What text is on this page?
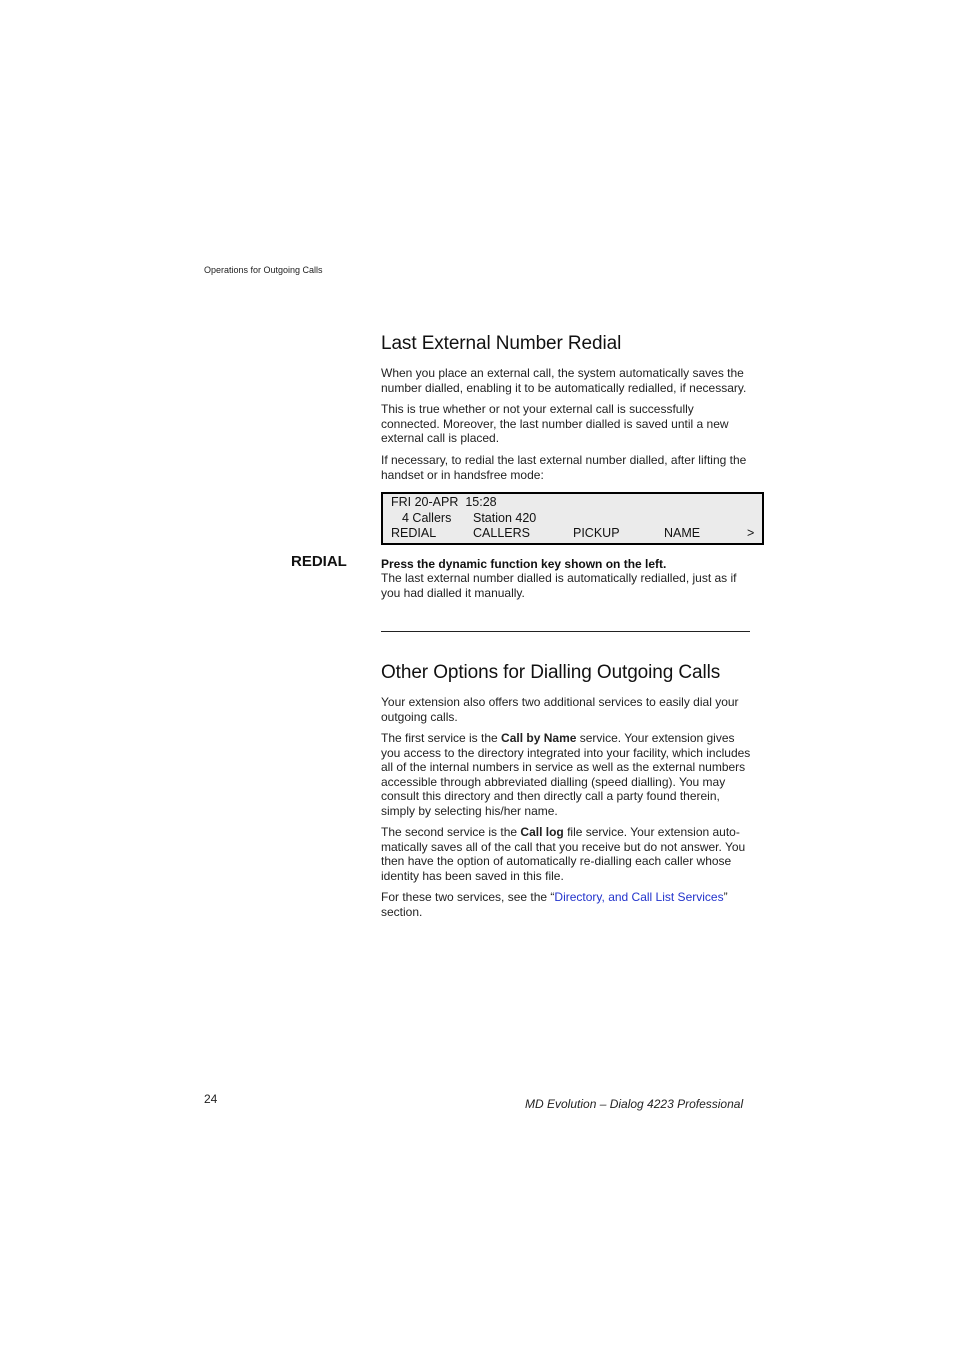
Operations for Outgoing Calls
Last External Number Redial

When you place an external call, the system automatically saves the number dialled, enabling it to be automatically redialled, if necessary.

This is true whether or not your external call is successfully connected. Moreover, the last number dialled is saved until a new external call is placed.

If necessary, to redial the last external number dialled, after lifting the handset or in handsfree mode:

FRI 20-APR  15:28
4 Callers Station 420
REDIAL	CALLERS	PICKUP	NAME	>
REDIAL	Press the dynamic function key shown on the left.

The last external number dialled is automatically redialled, just as if you had dialled it manually.

Other Options for Dialling Outgoing Calls

Your extension also offers two additional services to easily dial your outgoing calls.

The first service is the Call by Name service. Your extension gives you access to the directory integrated into your facility, which includes all of the internal numbers in service as well as the external numbers accessible through abbreviated dialling (speed dialling). You may consult this directory and then directly call a party found therein, simply by selecting his/her name.

The second service is the Call log file service. Your extension auto-matically saves all of the call that you receive but do not answer. You then have the option of automatically re-dialling each caller whose identity has been saved in this file.

For these two services, see the “Directory, and Call List Services” section.

24	MD Evolution – Dialog 4223 Professional
